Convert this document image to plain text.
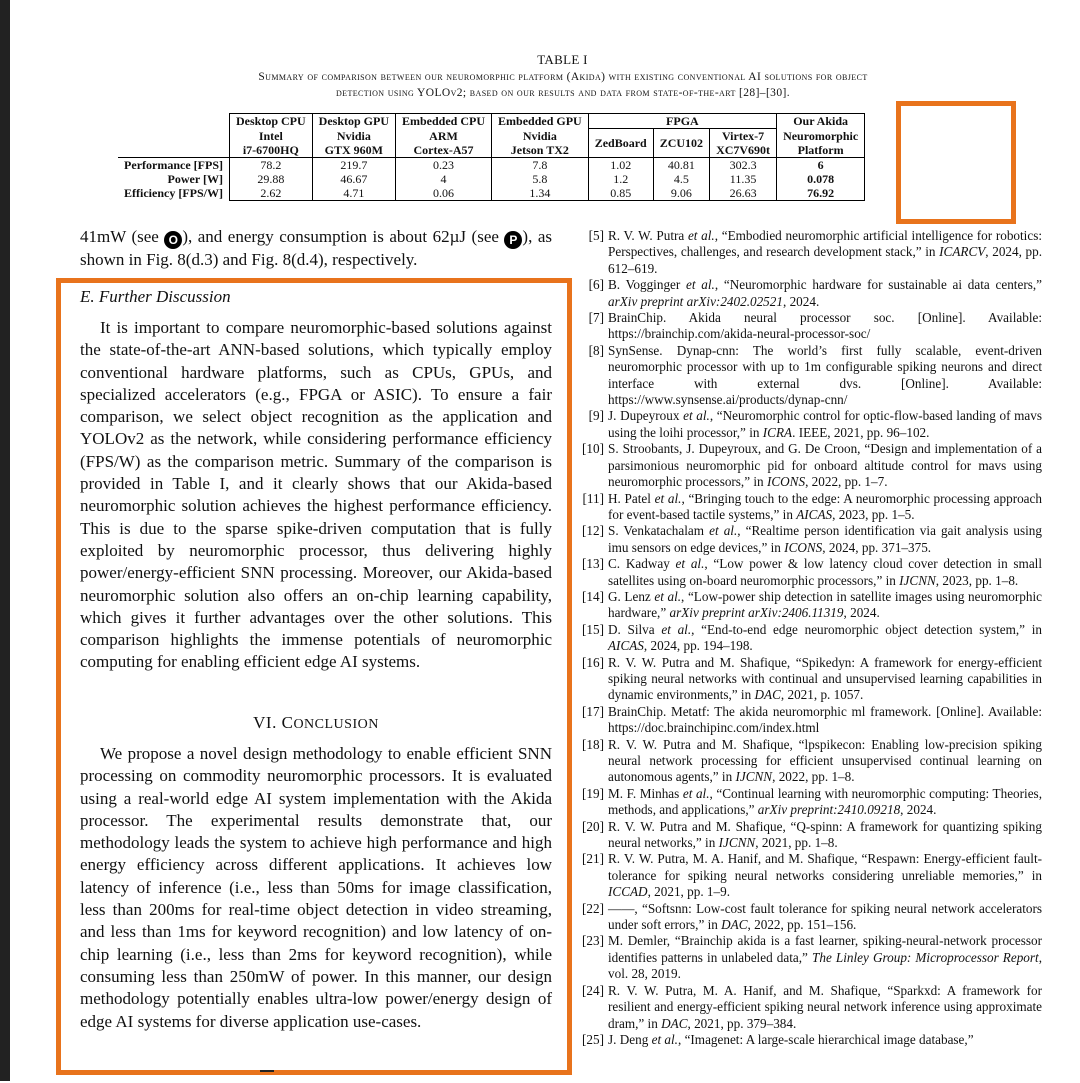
TABLE I
Summary of comparison between our neuromorphic platform (Akida) with existing conventional AI solutions for object
detection using YOLOv2; based on our results and data from state-of-the-art [28]–[30].
	Desktop CPU	Desktop GPU	Embedded CPU	Embedded GPU	FPGA			Our Akida
	Intel	Nvidia	ARM	Nvidia	ZedBoard	ZCU102	Virtex-7	Neuromorphic
	i7-6700HQ	GTX 960M	Cortex-A57	Jetson TX2			XC7V690t	Platform
Performance [FPS]	78.2	219.7	0.23	7.8	1.02	40.81	302.3	6
Power [W]	29.88	46.67	4	5.8	1.2	4.5	11.35	0.078
Efficiency [FPS/W]	2.62	4.71	0.06	1.34	0.85	9.06	26.63	76.92

41mW (see O ), and energy consumption is about 62µJ (see P ), as shown in Fig. 8(d.3) and Fig. 8(d.4), respectively.

E. Further Discussion

It is important to compare neuromorphic-based solutions against the state-of-the-art ANN-based solutions, which typically employ conventional hardware platforms, such as CPUs, GPUs, and specialized accelerators (e.g., FPGA or ASIC). To ensure a fair comparison, we select object recognition as the application and YOLOv2 as the network, while considering performance efficiency (FPS/W) as the comparison metric. Summary of the comparison is provided in Table I, and it clearly shows that our Akida-based neuromorphic solution achieves the highest performance efficiency. This is due to the sparse spike-driven computation that is fully exploited by neuromorphic processor, thus delivering highly power/energy-efficient SNN processing. Moreover, our Akida-based neuromorphic solution also offers an on-chip learning capability, which gives it further advantages over the other solutions. This comparison highlights the immense potentials of neuromorphic computing for enabling efficient edge AI systems.

VI. CONCLUSION

We propose a novel design methodology to enable efficient SNN processing on commodity neuromorphic processors. It is evaluated using a real-world edge AI system implementation with the Akida processor. The experimental results demonstrate that, our methodology leads the system to achieve high performance and high energy efficiency across different applications. It achieves low latency of inference (i.e., less than 50ms for image classification, less than 200ms for real-time object detection in video streaming, and less than 1ms for keyword recognition) and low latency of on-chip learning (i.e., less than 2ms for keyword recognition), while consuming less than 250mW of power. In this manner, our design methodology potentially enables ultra-low power/energy design of edge AI systems for diverse application use-cases.

[5] R. V. W. Putra et al., “Embodied neuromorphic artificial intelligence for robotics: Perspectives, challenges, and research development stack,” in ICARCV, 2024, pp. 612–619.
[6] B. Vogginger et al., “Neuromorphic hardware for sustainable ai data centers,” arXiv preprint arXiv:2402.02521, 2024.
[7] BrainChip. Akida neural processor soc. [Online]. Available: https://brainchip.com/akida-neural-processor-soc/
[8] SynSense. Dynap-cnn: The world’s first fully scalable, event-driven neuromorphic processor with up to 1m configurable spiking neurons and direct interface with external dvs. [Online]. Available: https://www.synsense.ai/products/dynap-cnn/
[9] J. Dupeyroux et al., “Neuromorphic control for optic-flow-based landing of mavs using the loihi processor,” in ICRA. IEEE, 2021, pp. 96–102.
[10] S. Stroobants, J. Dupeyroux, and G. De Croon, “Design and implementation of a parsimonious neuromorphic pid for onboard altitude control for mavs using neuromorphic processors,” in ICONS, 2022, pp. 1–7.
[11] H. Patel et al., “Bringing touch to the edge: A neuromorphic processing approach for event-based tactile systems,” in AICAS, 2023, pp. 1–5.
[12] S. Venkatachalam et al., “Realtime person identification via gait analysis using imu sensors on edge devices,” in ICONS, 2024, pp. 371–375.
[13] C. Kadway et al., “Low power & low latency cloud cover detection in small satellites using on-board neuromorphic processors,” in IJCNN, 2023, pp. 1–8.
[14] G. Lenz et al., “Low-power ship detection in satellite images using neuromorphic hardware,” arXiv preprint arXiv:2406.11319, 2024.
[15] D. Silva et al., “End-to-end edge neuromorphic object detection system,” in AICAS, 2024, pp. 194–198.
[16] R. V. W. Putra and M. Shafique, “Spikedyn: A framework for energy-efficient spiking neural networks with continual and unsupervised learning capabilities in dynamic environments,” in DAC, 2021, p. 1057.
[17] BrainChip. Metatf: The akida neuromorphic ml framework. [Online]. Available: https://doc.brainchipinc.com/index.html
[18] R. V. W. Putra and M. Shafique, “lpspikecon: Enabling low-precision spiking neural network processing for efficient unsupervised continual learning on autonomous agents,” in IJCNN, 2022, pp. 1–8.
[19] M. F. Minhas et al., “Continual learning with neuromorphic computing: Theories, methods, and applications,” arXiv preprint:2410.09218, 2024.
[20] R. V. W. Putra and M. Shafique, “Q-spinn: A framework for quantizing spiking neural networks,” in IJCNN, 2021, pp. 1–8.
[21] R. V. W. Putra, M. A. Hanif, and M. Shafique, “Respawn: Energy-efficient fault-tolerance for spiking neural networks considering unreliable memories,” in ICCAD, 2021, pp. 1–9.
[22] ——, “Softsnn: Low-cost fault tolerance for spiking neural network accelerators under soft errors,” in DAC, 2022, pp. 151–156.
[23] M. Demler, “Brainchip akida is a fast learner, spiking-neural-network processor identifies patterns in unlabeled data,” The Linley Group: Microprocessor Report, vol. 28, 2019.
[24] R. V. W. Putra, M. A. Hanif, and M. Shafique, “Sparkxd: A framework for resilient and energy-efficient spiking neural network inference using approximate dram,” in DAC, 2021, pp. 379–384.
[25] J. Deng et al., “Imagenet: A large-scale hierarchical image database,”
